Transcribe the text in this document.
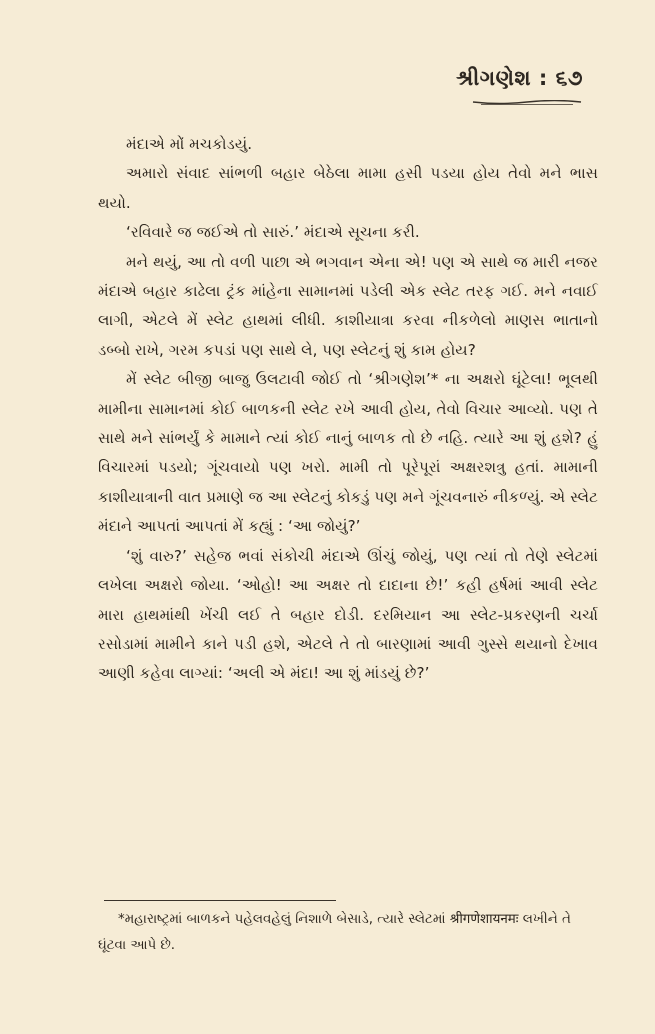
શ્રીગણેશ : ૬૭

મંદાએ મોં મચકોડયું.

અમારો સંવાદ સાંભળી બહાર બેઠેલા મામા હસી પડયા હોય તેવો મને ભાસ થયો.

‘રવિવારે જ જઈએ તો સારું.’ મંદાએ સૂચના કરી.

મને થયું, આ તો વળી પાછા એ ભગવાન એના એ! પણ એ સાથે જ મારી નજર મંદાએ બહાર કાઢેલા ટ્રંક માંહેના સામાનમાં પડેલી એક સ્લેટ તરફ ગઈ. મને નવાઈ લાગી, એટલે મેં સ્લેટ હાથમાં લીધી. કાશીયાત્રા કરવા નીકળેલો માણસ ભાતાનો ડબ્બો રાખે, ગરમ કપડાં પણ સાથે લે, પણ સ્લેટનું શું કામ હોય?

મેં સ્લેટ બીજી બાજુ ઉલટાવી જોઈ તો ‘શ્રીગણેશ’* ના અક્ષરો ઘૂંટેલા! ભૂલથી મામીના સામાનમાં કોઈ બાળકની સ્લેટ રખે આવી હોય, તેવો વિચાર આવ્યો. પણ તે સાથે મને સાંભર્યું કે મામાને ત્યાં કોઈ નાનું બાળક તો છે નહિ. ત્યારે આ શું હશે? હું વિચારમાં પડયો; ગૂંચવાયો પણ ખરો. મામી તો પૂરેપૂરાં અક્ષરશત્રુ હતાં. મામાની કાશીયાત્રાની વાત પ્રમાણે જ આ સ્લેટનું કોકડું પણ મને ગૂંચવનારું નીકળ્યું. એ સ્લેટ મંદાને આપતાં આપતાં મેં કહ્યું : ‘આ જોયું?’

‘શું વારુ?’ સહેજ ભવાં સંકોચી મંદાએ ઊંચું જોયું, પણ ત્યાં તો તેણે સ્લેટમાં લખેલા અક્ષરો જોયા. ‘ઓહો! આ અક્ષર તો દાદાના છે!’ કહી હર્ષમાં આવી સ્લેટ મારા હાથમાંથી ખેંચી લઈ તે બહાર દોડી. દરમિયાન આ સ્લેટ-પ્રકરણની ચર્ચા રસોડામાં મામીને કાને પડી હશે, એટલે તે તો બારણામાં આવી ગુસ્સે થયાનો દેખાવ આણી કહેવા લાગ્યાં: ‘અલી એ મંદા! આ શું માંડયું છે?’

*મહારાષ્ટ્રમાં બાળકને પહેલવહેલું નિશાળે બેસાડે, ત્યારે સ્લેટમાં श्रीगणेशायनमः લખીને તે ઘૂંટવા આપે છે.
